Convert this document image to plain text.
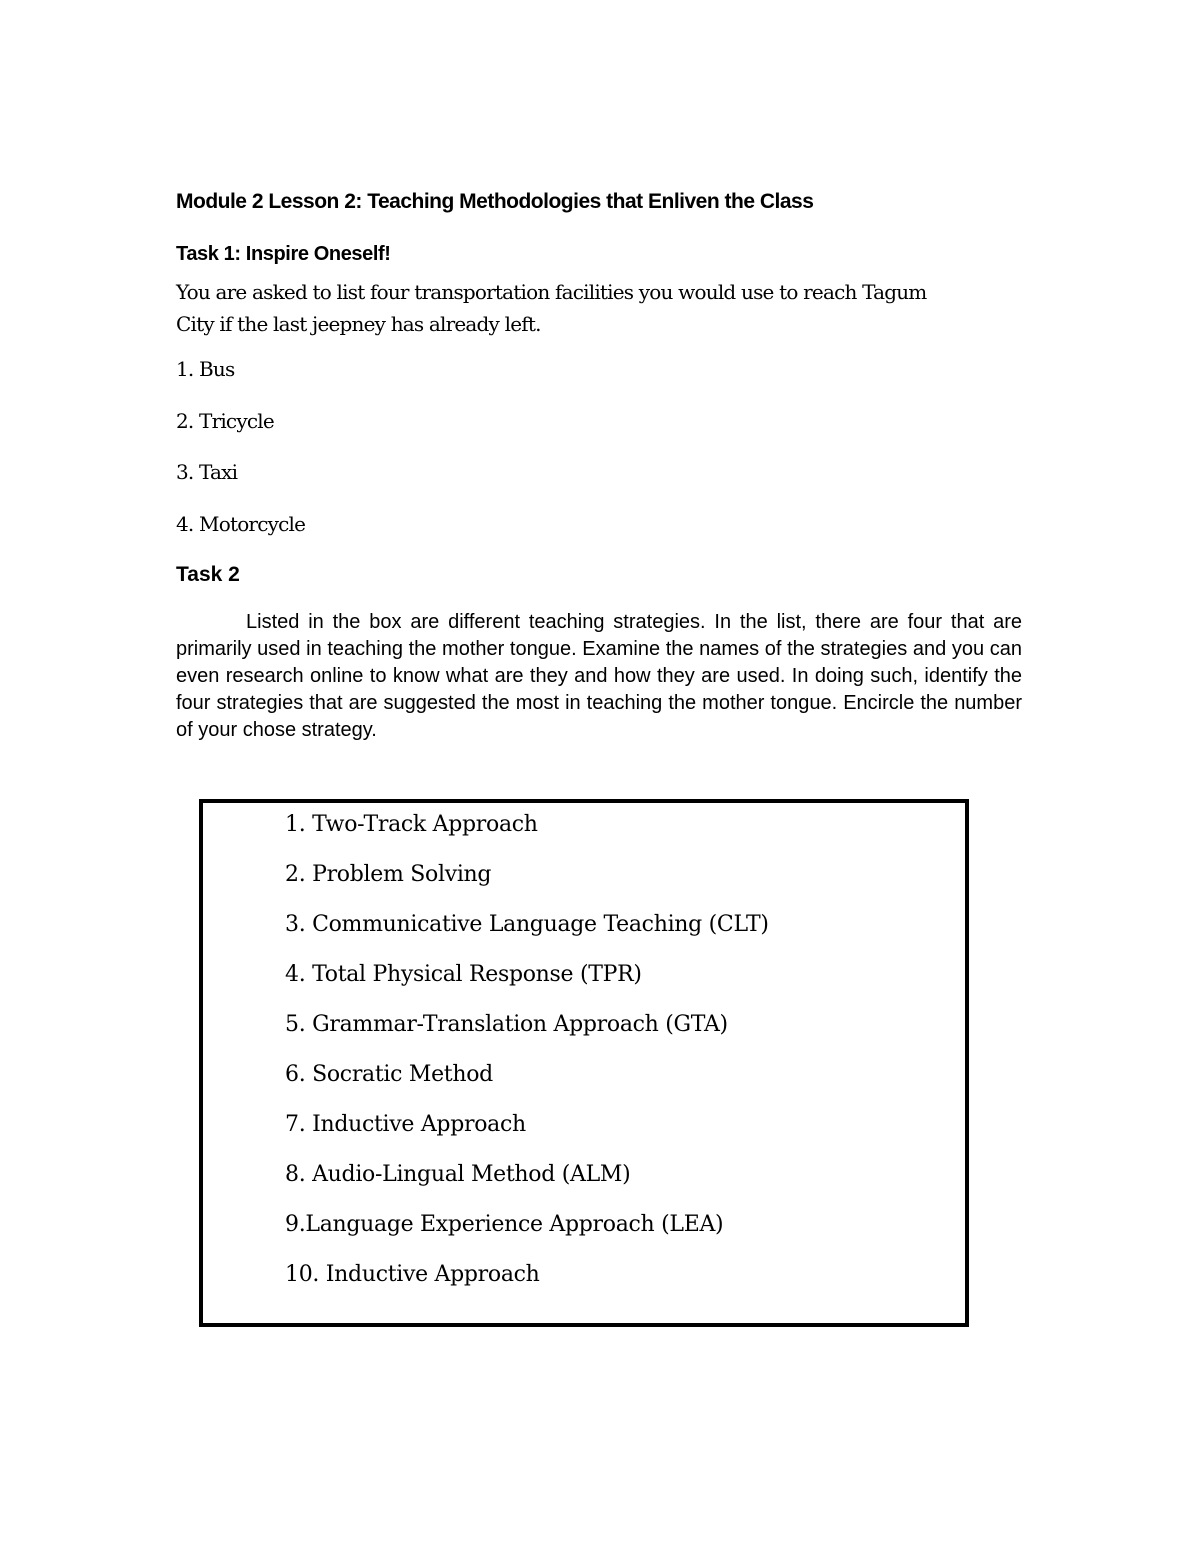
Module 2 Lesson 2: Teaching Methodologies that Enliven the Class
Task 1: Inspire Oneself!
You are asked to list four transportation facilities you would use to reach Tagum
City if the last jeepney has already left.
1. Bus
2. Tricycle
3. Taxi
4. Motorcycle
Task 2

Listed in the box are different teaching strategies. In the list, there are four that are primarily used in teaching the mother tongue. Examine the names of the strategies and you can even research online to know what are they and how they are used. In doing such, identify the four strategies that are suggested the most in teaching the mother tongue. Encircle the number of your chose strategy.

1. Two-Track Approach
2. Problem Solving
3. Communicative Language Teaching (CLT)
4. Total Physical Response (TPR)
5. Grammar-Translation Approach (GTA)
6. Socratic Method
7. Inductive Approach
8. Audio-Lingual Method (ALM)
9.Language Experience Approach (LEA)
10. Inductive Approach
